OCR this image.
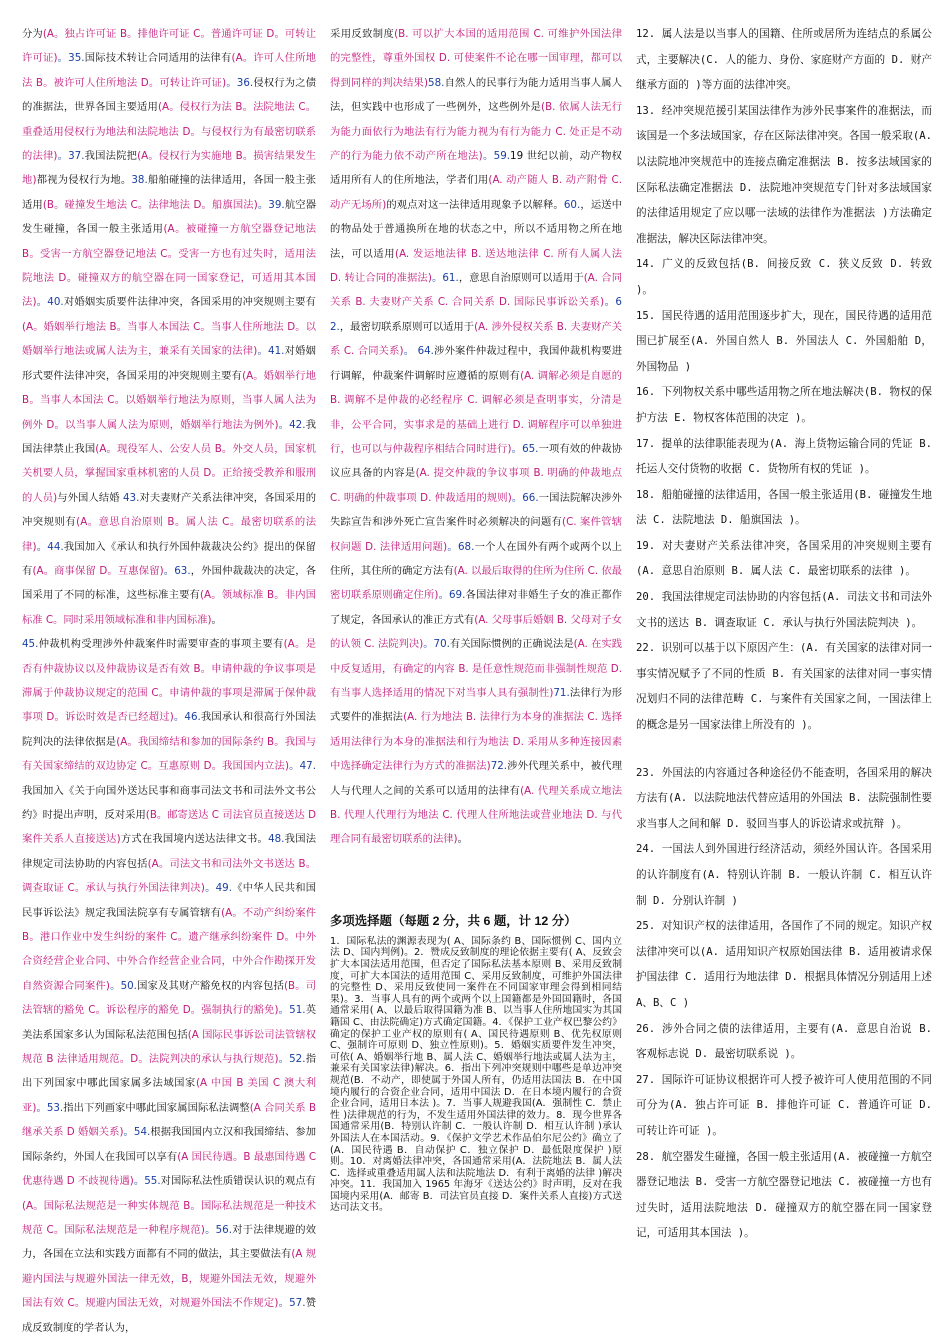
分为(A。独占许可证 B。排他许可证 C。普通许可证 D。可转让许可证)。35.国际技术转让合同适用的法律有(A。许可人住所地法 B。被许可人住所地法 D。可转让许可证)。36.侵权行为之债的准据法，世界各国主要适用(A。侵权行为法 B。法院地法 C。重叠适用侵权行为地法和法院地法 D。与侵权行为有最密切联系的法律)。37.我国法院把(A。侵权行为实施地 B。损害结果发生地)都视为侵权行为地。38.船舶碰撞的法律适用，各国一般主张适用(B。碰撞发生地法 C。法律地法 D。船旗国法)。39.航空器发生碰撞，各国一般主张适用(A。被碰撞一方航空器登记地法 B。受害一方航空器登记地法 C。受害一方也有过失时，适用法院地法 D。碰撞双方的航空器在同一国家登记，可适用其本国法)。40.对婚姻实质要件法律冲突，各国采用的冲突规则主要有(A。婚姻举行地法 B。当事人本国法 C。当事人住所地法 D。以婚姻举行地法或属人法为主，兼采有关国家的法律)。41.对婚姻形式要件法律冲突，各国采用的冲突规则主要有(A。婚姻举行地 B。当事人本国法 C。以婚姻举行地法为原则，当事人属人法为例外 D。以当事人属人法为原则，婚姻举行地法为例外)。42.我国法律禁止我国(A。现役军人、公安人员 B。外交人员，国家机关机要人员，掌握国家重林机密的人员 D。正给接受教养和服刑的人员)与外国人结婚 43.对夫妻财产关系法律冲突，各国采用的冲突规则有(A。意思自治原则 B。属人法 C。最密切联系的法律)。44.我国加入《承认和执行外国仲裁裁决公约》提出的保留有(A。商事保留 D。互惠保留)。63.，外国仲裁裁决的决定，各国采用了不同的标准，这些标准主要有(A。领域标准 B。非内国标准 C。同时采用领域标准和非内国标准)。

45.仲裁机构受理涉外仲裁案件时需要审查的事项主要有(A。是否有仲裁协议以及仲裁协议是否有效 B。申请仲裁的争议事项是滞属于仲裁协议规定的范围 C。申请仲裁的事项是滞属于保仲裁事项 D。诉讼时效是否已经超过)。46.我国承认和很高行外国法院判决的法律依据是(A。我国缔结和参加的国际条约 B。我国与有关国家缔结的双边协定 C。互惠原则 D。我国国内立法)。47.我国加入《关于向国外送达民事和商事司法文书和司法外文书公约》时提出声明，反对采用(B。邮寄送达 C 司法官员直接送达 D 案件关系人直接送达)方式在我国境内送达法律文书。48.我国法律规定司法协助的内容包括(A。司法文书和司法外文书送达 B。调查取证 C。承认与执行外国法律判决)。49.《中华人民共和国民事诉讼法》规定我国法院享有专属管辖有(A。不动产纠纷案件 B。港口作业中发生纠纷的案件 C。遗产继承纠纷案件 D。中外合资经营企业合同、中外合作经营企业合同，中外合作勘探开发自然资源合同案件)。50.国家及其财产豁免权的内容包括(B。司法管辖的豁免 C。诉讼程序的豁免 D。强制执行的豁免)。51.英美法系国家多认为国际私法范围包括(A 国际民事诉讼司法管辖权规范 B 法律适用规范。D。法院判决的承认与执行规范)。52.指出下列国家中哪此国家属多法域国家(A 中国 B 美国 C 澳大利亚)。53.指出下列画家中哪此国家属国际私法调整(A 合同关系 B 继承关系 D 婚姻关系)。54.根据我国国内立汉和我国缔结、参加国际条约，外国人在我国可以享有(A 国民待遇。B 最惠国待遇 C 优惠待遇 D 不歧视待遇)。55.对国际私法性质错误认识的观点有(A。国际私法规范是一种实体规范 B。国际私法规范是一种技术规范 C。国际私法规范是一种程序规范)。56.对于法律规避的效力，各国在立法和实践方面都有不同的做法，其主要做法有(A 规避内国法与规避外国法一律无效，B，规避外国法无效，规避外国法有效 C。规避内国法无效，对规避外国法不作规定)。57.赞成反致制度的学者认为，

采用反致制度(B. 可以扩大本国的适用范围 C. 可维护外国法律的完整性，尊重外国权 D. 可使案件不论在哪一国审理，都可以得到同样的判决结果)58.自然人的民事行为能力适用当事人属人法，但实践中也形成了一些例外，这些例外是(B. 依属人法无行为能力面依行为地法有行为能力视为有行为能力 C. 处正是不动产的行为能力依不动产所在地法)。59.19 世纪以前，动产物权适用所有人的住所地法，学者们用(A. 动产随人 B. 动产附骨 C. 动产无场所)的观点对这一法律适用现象予以解释。60.，运送中的物品处于普通换所在地的状态之中，所以不适用物之所在地法，可以适用(A. 发运地法律 B. 送达地法律 C. 所有人属人法 D. 转让合同的准据法)。61.，意思自治原则可以适用于(A. 合同关系 B. 夫妻财产关系 C. 合同关系 D. 国际民事诉讼关系)。62.，最密切联系原则可以适用于(A. 涉外侵权关系 B. 夫妻财产关系 C. 合同关系)。 64.涉外案件仲裁过程中，我国仲裁机构要进行调解，仲裁案件调解时应遵循的原则有(A. 调解必须是自愿的 B. 调解不是仲裁的必经程序 C. 调解必须是查明事实，分清是非，公平合同，实事求是的基础上进行 D. 调解程序可以单独进行，也可以与仲裁程序相结合同时进行)。65.一项有效的仲裁协议应具备的内容是(A. 提交仲裁的争议事项 B. 明确的仲裁地点 C. 明确的仲裁事项 D. 仲裁适用的规则)。66.一国法院解决涉外失踪宣告和涉外死亡宣告案件时必须解决的问题有(C. 案件管辖权问题 D. 法律适用问题)。68.一个人在国外有两个或两个以上住所，其住所的确定方法有(A. 以最后取得的住所为住所 C. 依最密切联系原则确定住所)。69.各国法律对非婚生子女的准正都作了规定，各国承认的准正方式有(A. 父母事后婚姻 B. 父母对子女的认领 C. 法院判决)。70.有关国际惯例的正确说法是(A. 在实践中反复适用，有确定的内容 B. 是任意性规范而非强制性规范 D. 有当事人选择适用的情况下对当事人具有强制性)71.法律行为形式要件的准据法(A. 行为地法 B. 法律行为本身的准据法 C. 选择适用法律行为本身的准据法和行为地法 D. 采用从多种连接因素中选择确定法律行为方式的准据法)72.涉外代理关系中，被代理人与代理人之间的关系可以适用的法律有(A. 代理关系成立地法 B. 代理人代理行为地法 C. 代理人住所地法或营业地法 D. 与代理合同有最密切联系的法律)。

多项选择题（每题 2 分，共 6 题，计 12 分）

1．国际私法的渊源表现为( A、国际条约 B、国际惯例 C、国内立法 D、国内判例)。2．赞成反致制度的理论依据主要有( A、反致会扩大本国法适用范围，但否定了国际私法基本原则 B、采用反致制度，可扩大本国法的适用范围 C、采用反致制度，可维护外国法律的完整性 D、采用反致使同一案件在不同国家审理会得到相同结果)。3．当事人具有的两个或两个以上国籍都是外国国籍时，各国通常采用( A、以最后取得国籍为准 B、以当事人住所地国实为其国籍国 C、由法院确定)方式确定国籍。4．《保护工业产权巴黎公约》确定的保护工业产权的原则有( A、国民待遇原则 B、优先权原则 C、强制许可原则 D、独立性原则)。5．婚姻实质要件发生冲突，可依( A、婚姻举行地 B、属人法 C、婚姻举行地法或属人法为主，兼采有关国家法律)解决。6．指出下列冲突规则中哪些是单边冲突规范(B．不动产，即使属于外国人所有，仍适用法国法 B．在中国境内履行的合资企业合同，适用中国法 D．在日本境内履行的合资企业合同，适用日本法 )。7．当事人规避我国(A．强制性 C．禁止性 )法律规范的行为，不发生适用外国法律的效力。8．现今世界各国通常采用(B．特别认许制 C．一般认许制 D．相互认许制 )承认外国法人在本国活动。9．《保护文学艺术作品伯尔尼公约》确立了(A．国民待遇 B．自动保护 C．独立保护 D．最低限度保护 )原则。10．对离婚法律冲突，各国通常采用(A．法院地法 B．属人法 C．选择或重叠适用属人法和法院地法 D．有利于离婚的法律 )解决冲突。11．我国加入 1965 年海牙《送达公约》时声明，反对在我国境内采用(A．邮寄 B．司法官员直接 D．案件关系人直接)方式送达司法文书。

12. 属人法是以当事人的国籍、住所或居所为连结点的系属公式，主要解决(C. 人的能力、身份、家庭财产方面的 D. 财产继承方面的 )等方面的法律冲突。

13. 经冲突规范援引某国法律作为涉外民事案件的准据法，而该国是一个多法域国家，存在区际法律冲突。各国一般采取(A. 以法院地冲突规范中的连接点确定准据法 B. 按多法域国家的区际私法确定准据法 D. 法院地冲突规范专门针对多法域国家的法律适用规定了应以哪一法域的法律作为准据法 )方法确定准据法，解决区际法律冲突。

14. 广义的反致包括(B. 间接反致 C. 狭义反致 D. 转致 )。

15. 国民待遇的适用范围逐步扩大，现在，国民待遇的适用范围已扩展至(A. 外国自然人 B. 外国法人 C. 外国船舶 D，外国物品 )

16. 下列物权关系中哪些适用物之所在地法解决(B. 物权的保护方法 E. 物权客体范围的决定 )。

17. 提单的法律职能表现为(A. 海上货物运输合同的凭证 B. 托运人交付货物的收据 C. 货物所有权的凭证 )。

18. 船舶碰撞的法律适用，各国一般主张适用(B. 碰撞发生地法 C. 法院地法 D. 船旗国法 )。

19. 对夫妻财产关系法律冲突，各国采用的冲突规则主要有(A. 意思自治原则 B. 属人法 C. 最密切联系的法律 )。

20. 我国法律规定司法协助的内容包括(A. 司法文书和司法外文书的送达 B. 调查取证 C. 承认与执行外国法院判决 )。

22. 识别可以基于以下原因产生：(A. 有关国家的法律对同一事实情况赋予了不同的性质 B. 有关国家的法律对同一事实情况划归不同的法律范畴 C. 与案件有关国家之间，一国法律上的概念是另一国家法律上所没有的 )。

23. 外国法的内容通过各种途径仍不能查明，各国采用的解决方法有(A. 以法院地法代替应适用的外国法 B. 法院强制性要求当事人之间和解 D. 驳回当事人的诉讼请求或抗辩 )。

24. 一国法人到外国进行经济活动，须经外国认许。各国采用的认许制度有(A. 特别认许制 B. 一般认许制 C. 相互认许制 D. 分别认许制 )

25. 对知识产权的法律适用，各国作了不同的规定。知识产权法律冲突可以(A. 适用知识产权原始国法律 B. 适用被请求保护国法律 C. 适用行为地法律 D. 根据具体情况分别适用上述 A、B、C )

26. 涉外合同之债的法律适用，主要有(A. 意思自治说 B. 客观标志说 D. 最密切联系说 )。

27. 国际许可证协议根据许可人授予被许可人使用范围的不同可分为(A. 独占许可证 B. 排他许可证 C. 普通许可证 D. 可转让许可证 )。

28. 航空器发生碰撞，各国一般主张适用(A. 被碰撞一方航空器登记地法 B. 受害一方航空器登记地法 C. 被碰撞一方也有过失时，适用法院地法 D. 碰撞双方的航空器在同一国家登记，可适用其本国法 )。
